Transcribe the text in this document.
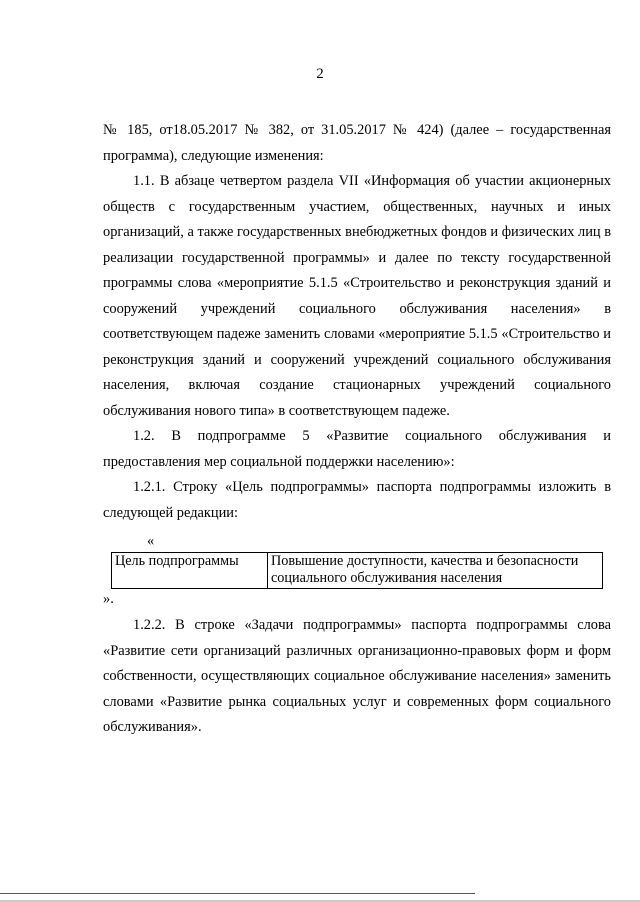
2

№ 185, от18.05.2017 № 382, от 31.05.2017 № 424) (далее – государственная программа), следующие изменения:

1.1. В абзаце четвертом раздела VII «Информация об участии акционерных обществ с государственным участием, общественных, научных и иных организаций, а также государственных внебюджетных фондов и физических лиц в реализации государственной программы» и далее по тексту государственной программы слова «мероприятие 5.1.5 «Строительство и реконструкция зданий и сооружений учреждений социального обслуживания населения» в соответствующем падеже заменить словами «мероприятие 5.1.5 «Строительство и реконструкция зданий и сооружений учреждений социального обслуживания населения, включая создание стационарных учреждений социального обслуживания нового типа» в соответствующем падеже.

1.2. В подпрограмме 5 «Развитие социального обслуживания и предоставления мер социальной поддержки населению»:

1.2.1. Строку «Цель подпрограммы» паспорта подпрограммы изложить в следующей редакции:

«

Цель подпрограммы	Повышение доступности, качества и безопасности социального обслуживания населения

».

1.2.2. В строке «Задачи подпрограммы» паспорта подпрограммы слова «Развитие сети организаций различных организационно-правовых форм и форм собственности, осуществляющих социальное обслуживание населения» заменить словами «Развитие рынка социальных услуг и современных форм социального обслуживания».
